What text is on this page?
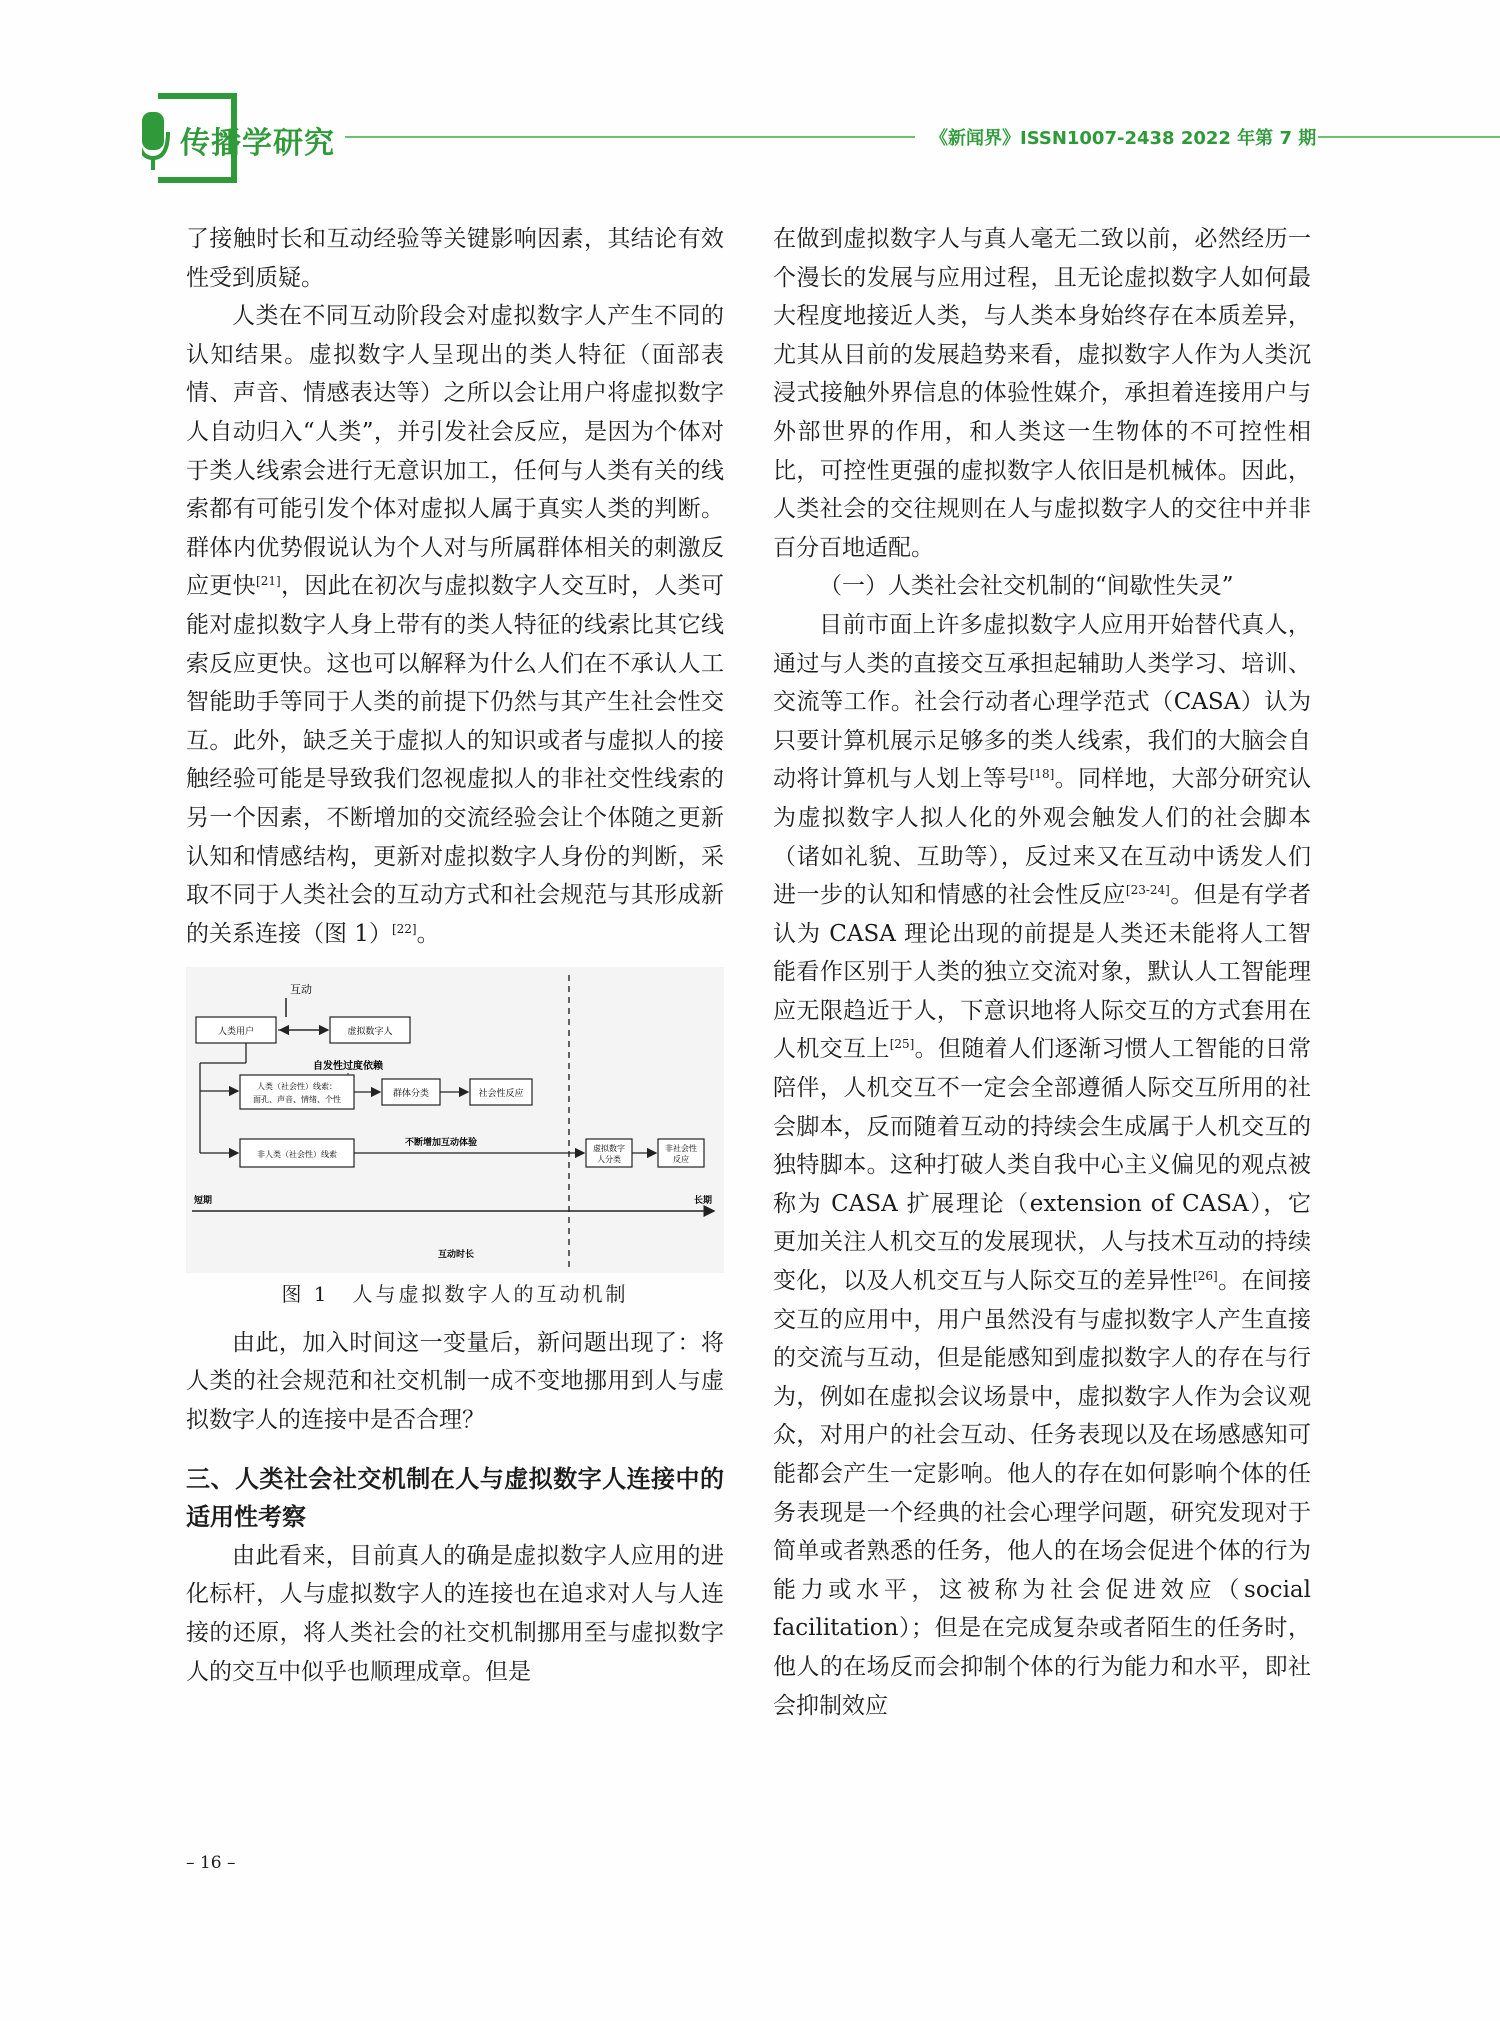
传播学研究	《新闻界》ISSN1007-2438 2022 年第 7 期

了接触时长和互动经验等关键影响因素，其结论有效性受到质疑。

人类在不同互动阶段会对虚拟数字人产生不同的认知结果。虚拟数字人呈现出的类人特征（面部表情、声音、情感表达等）之所以会让用户将虚拟数字人自动归入“人类”，并引发社会反应，是因为个体对于类人线索会进行无意识加工，任何与人类有关的线索都有可能引发个体对虚拟人属于真实人类的判断。群体内优势假说认为个人对与所属群体相关的刺激反应更快[21]，因此在初次与虚拟数字人交互时，人类可能对虚拟数字人身上带有的类人特征的线索比其它线索反应更快。这也可以解释为什么人们在不承认人工智能助手等同于人类的前提下仍然与其产生社会性交互。此外，缺乏关于虚拟人的知识或者与虚拟人的接触经验可能是导致我们忽视虚拟人的非社交性线索的另一个因素，不断增加的交流经验会让个体随之更新认知和情感结构，更新对虚拟数字人身份的判断，采取不同于人类社会的互动方式和社会规范与其形成新的关系连接（图 1）[22]。

互动
人类用户	虚拟数字人
自发性过度依赖
人类（社会性）线索：
面孔、声音、情绪、个性
群体分类	社会性反应
非人类（社会性）线索
不断增加互动体验
虚拟数字
人分类
非社会性
反应
短期	长期
互动时长
图 1　人与虚拟数字人的互动机制

由此，加入时间这一变量后，新问题出现了：将人类的社会规范和社交机制一成不变地挪用到人与虚拟数字人的连接中是否合理？

三、人类社会社交机制在人与虚拟数字人连接中的适用性考察

由此看来，目前真人的确是虚拟数字人应用的进化标杆，人与虚拟数字人的连接也在追求对人与人连接的还原，将人类社会的社交机制挪用至与虚拟数字人的交互中似乎也顺理成章。但是

在做到虚拟数字人与真人毫无二致以前，必然经历一个漫长的发展与应用过程，且无论虚拟数字人如何最大程度地接近人类，与人类本身始终存在本质差异，尤其从目前的发展趋势来看，虚拟数字人作为人类沉浸式接触外界信息的体验性媒介，承担着连接用户与外部世界的作用，和人类这一生物体的不可控性相比，可控性更强的虚拟数字人依旧是机械体。因此，人类社会的交往规则在人与虚拟数字人的交往中并非百分百地适配。

（一）人类社会社交机制的“间歇性失灵”

目前市面上许多虚拟数字人应用开始替代真人，通过与人类的直接交互承担起辅助人类学习、培训、交流等工作。社会行动者心理学范式（CASA）认为只要计算机展示足够多的类人线索，我们的大脑会自动将计算机与人划上等号[18]。同样地，大部分研究认为虚拟数字人拟人化的外观会触发人们的社会脚本（诸如礼貌、互助等），反过来又在互动中诱发人们进一步的认知和情感的社会性反应[23-24]。但是有学者认为 CASA 理论出现的前提是人类还未能将人工智能看作区别于人类的独立交流对象，默认人工智能理应无限趋近于人，下意识地将人际交互的方式套用在人机交互上[25]。但随着人们逐渐习惯人工智能的日常陪伴，人机交互不一定会全部遵循人际交互所用的社会脚本，反而随着互动的持续会生成属于人机交互的独特脚本。这种打破人类自我中心主义偏见的观点被称为 CASA 扩展理论（extension of CASA），它更加关注人机交互的发展现状，人与技术互动的持续变化，以及人机交互与人际交互的差异性[26]。在间接交互的应用中，用户虽然没有与虚拟数字人产生直接的交流与互动，但是能感知到虚拟数字人的存在与行为，例如在虚拟会议场景中，虚拟数字人作为会议观众，对用户的社会互动、任务表现以及在场感感知可能都会产生一定影响。他人的存在如何影响个体的任务表现是一个经典的社会心理学问题，研究发现对于简单或者熟悉的任务，他人的在场会促进个体的行为能力或水平，这被称为社会促进效应（social facilitation）；但是在完成复杂或者陌生的任务时，他人的在场反而会抑制个体的行为能力和水平，即社会抑制效应

– 16 –
